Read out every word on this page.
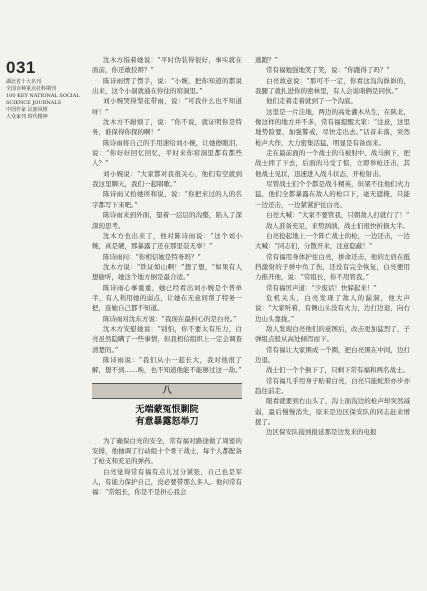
031
湖北省十大名刊
全国百种重点社科期刊
100 KEY NATIONAL SOCIAL
SCIENCE JOURNALS
中国作家 民族风格
大众家刊 时代精神

沈木方指着她说：“平时伪装得很好，事实就在面前，你还敢狡辩？”

陈诗雨愣了愣手，说：“小婉，把你知道的都说出来，这个小洞就通在你住的窑洞里。”

刘小婉哭得梨花带雨，说：“可我什么也不知道呀！”

沈木方不耐烦了，说：“你不说，就证明你是特务，谁保得你探的啊！”

陈诗雨将自己的手用速给刘小婉，让她擦眼泪，说：“你好好回忆回忆，平时来你窑洞里都有都些人？”

刘小婉说：“大家都对我很关心，他们有空就到我这里聊天，我们一起唱歌。”

陈诗雨又拾她所和说，说：“你把来过的人的名字都写下来吧。”

陈诗雨来到外面，望着一层层的沟壑，陷入了深深的思考。

沈木方也出来了，他对陈诗雨说：“这个刘小婉，真是硬，那暴露了还在那里装无辜！”

陈诗雨问：“你相信她是特务吗？”

沈木方说：“铁证如山啊！”想了想，“如果有人想偷听，她这个地方倒是最合适。”

陈诗雨心事重重，她已经看出刘小婉是个普单半，有人利用她的弱点，让她在无意间帮了特务一把，连她自己都不知道。

陈诗雨对沈东方说：“我现在最担心的是白亮。”

沈木方安慰她说：“别怕，你不要太有压力，白亮虽然隐瞒了一些事情，但我相信组织上一定会调查清楚的。”

陈诗雨说：“我们从小一起长大，我对他很了解，想不到……唉，也不知道他能不能够过这一劫。”

八
无端蒙冤恨剿院
有意暴露怒举刀

为了确保白亮的安全，常有福对路途做了周密的安排，他抽调了行动组十个骨干战士，每个人都配备了枪支和充足的弹药。

白亮觉得常有福有点儿过分紧张，自己也是军人，有能力保护自己，没必要带那么多人。他问常有福：“常组长，你是不是担心我会

逃跑？”

常有福勉强地笑了笑，说：“你跑得了吗？”

白亮故意说：“那可不一定，你看这沟沟峁峁的，我腿了就扎进你的密林里，有人会说咱俩是同伙。”

他们走着走着就到了一个沟底。

这里是一片洼地，两边的高处灌木丛生，在陕北，像这样的地方并不多，常有福提醒大家：“注意，这里地势险要，加强警戒，尽快走出去。”话音未落，突然枪声大作，大力密集活猛，明显是有备而来。

走在最前面的一个战士的马被射中，战马倒下，把战士摔了下去，后面的马受了惊，立即举枪还击，其他战士见状，迅速进入战斗状态，开枪射击。

尽管战士们个个都是战斗精英，但架不住他们火力猛，他们全都暴露在敌人的枪口下，毫无遮掩，只能一边还击，一边紧紧护住白亮。

白亮大喊：“大家不要管我，只朝敌人打就行了！”

敌人准备充足，来势汹汹，战士们很快折损大半。

白亮抢起地上一个阵亡战士的枪，一边还击，一边大喊：“同志们，分散开来，注意隐蔽！”

常有福用身体护住白亮，拼命还击，他的左肩在抵挡激射的子弹中负了伤，还没有完全恢复，白亮便用力推开他，说：“常组长，你不用管我。”

常有福厉声道：“少废话！快躲起来！”

危机关头，白亮发现了敌人的漏洞，他大声说：“大家听着，有侧山头没有火力，边打边退，向右边山头靠拢。”

敌人发现白亮他们的意图后，改击更加猛烈了，子弹组点般从高处倾泻而下。

常有福让大家围成一个圈，把白亮围在中间，边打边退。

战士们一个个倒下了，只剩下常有福和两名战士。

常有福几乎用身子贴着白亮，白亮只能蛇形亦步亦趋往前走。

眼看就要到右山头了，沟上面沟边的枪声却突然减弱，最后慢慢消失，原来是边区保安队的同志赶来增援了。

边区保安队接到报延那是边发来的电报
